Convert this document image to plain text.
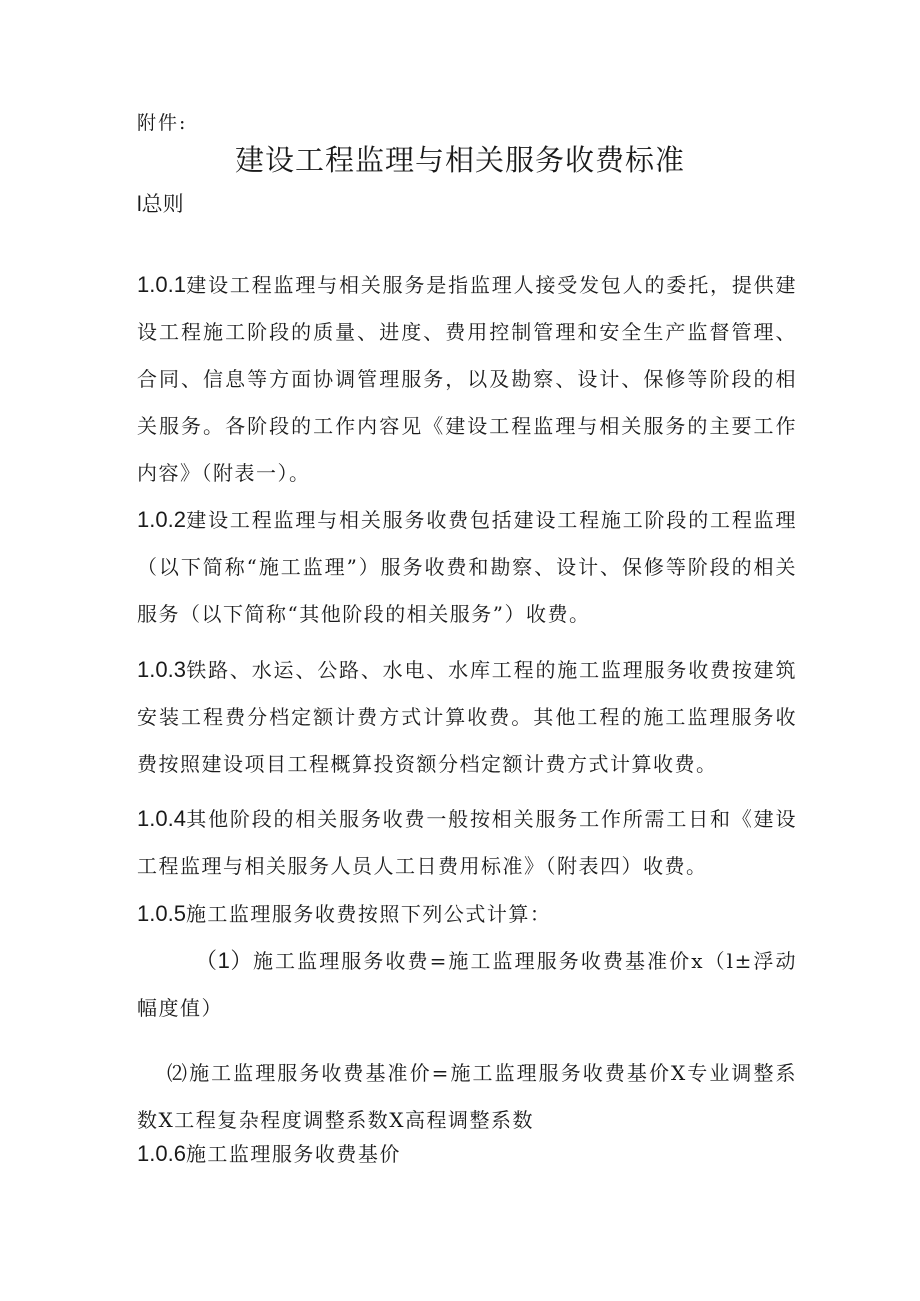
附件:
建设工程监理与相关服务收费标准
l总则
1.0.1建设工程监理与相关服务是指监理人接受发包人的委托，提供建设工程施工阶段的质量、进度、费用控制管理和安全生产监督管理、合同、信息等方面协调管理服务，以及勘察、设计、保修等阶段的相关服务。各阶段的工作内容见《建设工程监理与相关服务的主要工作内容》（附表一）。
1.0.2建设工程监理与相关服务收费包括建设工程施工阶段的工程监理（以下简称“施工监理”）服务收费和勘察、设计、保修等阶段的相关服务（以下简称“其他阶段的相关服务”）收费。
1.0.3铁路、水运、公路、水电、水库工程的施工监理服务收费按建筑安装工程费分档定额计费方式计算收费。其他工程的施工监理服务收费按照建设项目工程概算投资额分档定额计费方式计算收费。
1.0.4其他阶段的相关服务收费一般按相关服务工作所需工日和《建设工程监理与相关服务人员人工日费用标准》（附表四）收费。
1.0.5施工监理服务收费按照下列公式计算：
（1）施工监理服务收费=施工监理服务收费基准价x（l±浮动幅度值）
⑵施工监理服务收费基准价=施工监理服务收费基价X专业调整系数X工程复杂程度调整系数X高程调整系数
1.0.6施工监理服务收费基价
